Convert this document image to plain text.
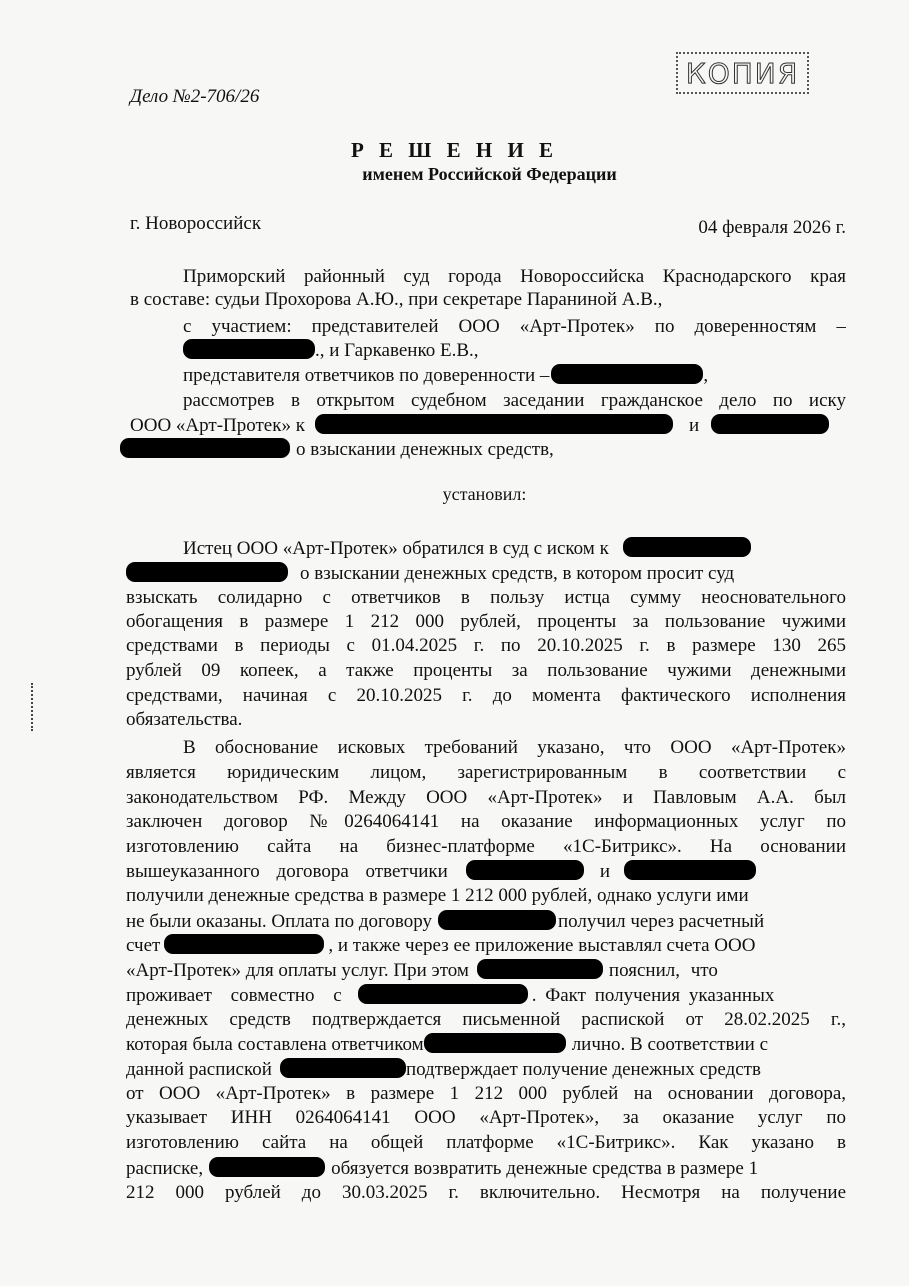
КОПИЯ
Дело №2-706/26
Р Е Ш Е Н И Е
именем Российской Федерации
г. Новороссийск	04 февраля 2026 г.
Приморский районный суд города Новороссийска Краснодарского края
в составе: судьи Прохорова А.Ю., при секретаре Параниной А.В.,
с участием: представителей ООО «Арт-Протек» по доверенностям –
., и Гаркавенко Е.В.,
представителя ответчиков по доверенности –	,
рассмотрев в открытом судебном заседании гражданское дело по иску
ООО «Арт-Протек» к	и
о взыскании денежных средств,
установил:
Истец ООО «Арт-Протек» обратился в суд с иском к
о взыскании денежных средств, в котором просит суд
взыскать солидарно с ответчиков в пользу истца сумму неосновательного
обогащения в размере 1 212 000 рублей, проценты за пользование чужими
средствами в периоды с 01.04.2025 г. по 20.10.2025 г. в размере 130 265
рублей 09 копеек, а также проценты за пользование чужими денежными
средствами, начиная с 20.10.2025 г. до момента фактического исполнения
обязательства.
В обоснование исковых требований указано, что ООО «Арт-Протек»
является юридическим лицом, зарегистрированным в соответствии с
законодательством РФ. Между ООО «Арт-Протек» и Павловым А.А. был
заключен договор №0264064141 на оказание информационных услуг по
изготовлению сайта на бизнес-платформе «1С-Битрикс». На основании
вышеуказанного договора ответчики	и
получили денежные средства в размере 1 212 000 рублей, однако услуги ими
не были оказаны. Оплата по договору	получил через расчетный
счет	, и также через ее приложение выставлял счета ООО
«Арт-Протек» для оплаты услуг. При этом	пояснил, что
проживает совместно с	. Факт получения указанных
денежных средств подтверждается письменной распиской от 28.02.2025 г.,
которая была составлена ответчиком	лично. В соответствии с
данной распиской	подтверждает получение денежных средств
от ООО «Арт-Протек» в размере 1 212 000 рублей на основании договора,
указывает ИНН 0264064141 ООО «Арт-Протек», за оказание услуг по
изготовлению сайта на общей платформе «1С-Битрикс». Как указано в
расписке,	обязуется возвратить денежные средства в размере 1
212 000 рублей до 30.03.2025 г. включительно. Несмотря на получение
